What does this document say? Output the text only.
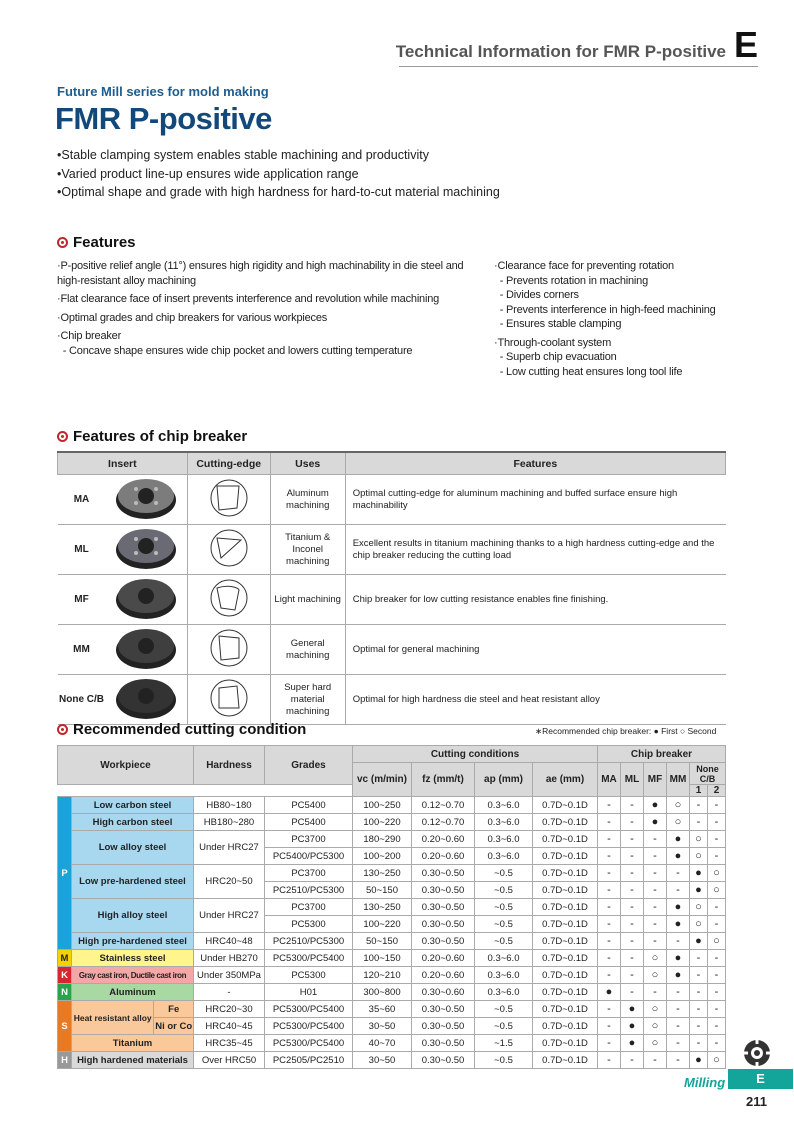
Technical Information for FMR P-positive E
Future Mill series for mold making
FMR P-positive
• Stable clamping system enables stable machining and productivity
• Varied product line-up ensures wide application range
• Optimal shape and grade with high hardness for hard-to-cut material machining
Features
·P-positive relief angle (11°) ensures high rigidity and high machinability in die steel and high-resistant alloy machining
·Flat clearance face of insert prevents interference and revolution while machining
·Optimal grades and chip breakers for various workpieces
·Chip breaker
- Concave shape ensures wide chip pocket and lowers cutting temperature
·Clearance face for preventing rotation
- Prevents rotation in machining
- Divides corners
- Prevents interference in high-feed machining
- Ensures stable clamping
·Through-coolant system
- Superb chip evacuation
- Low cutting heat ensures long tool life
Features of chip breaker
Insert		Cutting-edge	Uses	Features
MA			Aluminum machining	Optimal cutting-edge for aluminum machining and buffed surface ensure high machinability
ML			Titanium & Inconel machining	Excellent results in titanium machining thanks to a high hardness cutting-edge and the chip breaker reducing the cutting load
MF			Light machining	Chip breaker for low cutting resistance enables fine finishing.
MM			General machining	Optimal for general machining
None C/B			Super hard material machining	Optimal for high hardness die steel and heat resistant alloy
Recommended cutting condition	∗Recommended chip breaker: ● First ○ Second
Workpiece			Hardness	Grades	Cutting conditions				Chip breaker					
					vc (m/min)	fz (mm/t)	ap (mm)	ae (mm)	MA	ML	MF	MM	None C/B	
													1	2
P	Low carbon steel		HB80~180	PC5400	100~250	0.12~0.70	0.3~6.0	0.7D~0.1D	-	-	●	○	-	-
	High carbon steel		HB180~280	PC5400	100~220	0.12~0.70	0.3~6.0	0.7D~0.1D	-	-	●	○	-	-
	Low alloy steel		Under HRC27	PC3700	180~290	0.20~0.60	0.3~6.0	0.7D~0.1D	-	-	-	●	○	-
				PC5400/PC5300	100~200	0.20~0.60	0.3~6.0	0.7D~0.1D	-	-	-	●	○	-
	Low pre-hardened steel		HRC20~50	PC3700	130~250	0.30~0.50	~0.5	0.7D~0.1D	-	-	-	-	●	○
				PC2510/PC5300	50~150	0.30~0.50	~0.5	0.7D~0.1D	-	-	-	-	●	○
	High alloy steel		Under HRC27	PC3700	130~250	0.30~0.50	~0.5	0.7D~0.1D	-	-	-	●	○	-
				PC5300	100~220	0.30~0.50	~0.5	0.7D~0.1D	-	-	-	●	○	-
	High pre-hardened steel		HRC40~48	PC2510/PC5300	50~150	0.30~0.50	~0.5	0.7D~0.1D	-	-	-	-	●	○
M	Stainless steel		Under HB270	PC5300/PC5400	100~150	0.20~0.60	0.3~6.0	0.7D~0.1D	-	-	○	●	-	-
K	Gray cast iron, Ductile cast iron		Under 350MPa	PC5300	120~210	0.20~0.60	0.3~6.0	0.7D~0.1D	-	-	○	●	-	-
N	Aluminum		-	H01	300~800	0.30~0.60	0.3~6.0	0.7D~0.1D	●	-	-	-	-	-
S	Heat resistant alloy	Fe	HRC20~30	PC5300/PC5400	35~60	0.30~0.50	~0.5	0.7D~0.1D	-	●	○	-	-	-
		Ni or Co	HRC40~45	PC5300/PC5400	30~50	0.30~0.50	~0.5	0.7D~0.1D	-	●	○	-	-	-
	Titanium		HRC35~45	PC5300/PC5400	40~70	0.30~0.50	~1.5	0.7D~0.1D	-	●	○	-	-	-
H	High hardened materials		Over HRC50	PC2505/PC2510	30~50	0.30~0.50	~0.5	0.7D~0.1D	-	-	-	-	●	○
Milling	E
211
